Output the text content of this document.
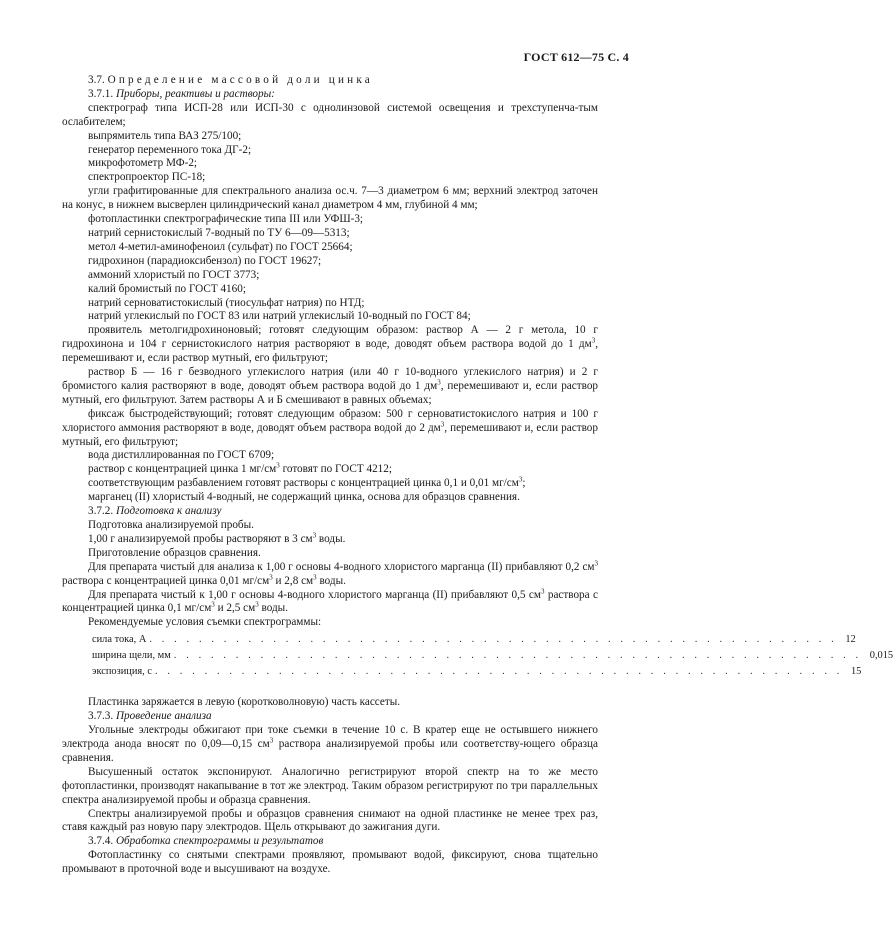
ГОСТ 612—75 С. 4

3.7. Определение массовой доли цинка

3.7.1. Приборы, реактивы и растворы:

спектрограф типа ИСП-28 или ИСП-30 с однолинзовой системой освещения и трехступенча-тым ослабителем;

выпрямитель типа ВАЗ 275/100;

генератор переменного тока ДГ-2;

микрофотометр МФ-2;

спектропроектор ПС-18;

угли графитированные для спектрального анализа ос.ч. 7—3 диаметром 6 мм; верхний электрод заточен на конус, в нижнем высверлен цилиндрический канал диаметром 4 мм, глубиной 4 мм;

фотопластинки спектрографические типа III или УФШ-3;

натрий сернистокислый 7-водный по ТУ 6—09—5313;

метол 4-метил-аминофеноил (сульфат) по ГОСТ 25664;

гидрохинон (парадиоксибензол) по ГОСТ 19627;

аммоний хлористый по ГОСТ 3773;

калий бромистый по ГОСТ 4160;

натрий серноватистокислый (тиосульфат натрия) по НТД;

натрий углекислый по ГОСТ 83 или натрий углекислый 10-водный по ГОСТ 84;

проявитель метолгидрохиноновый; готовят следующим образом: раствор А — 2 г метола, 10 г гидрохинона и 104 г сернистокислого натрия растворяют в воде, доводят объем раствора водой до 1 $дм^3$, перемешивают и, если раствор мутный, его фильтруют;

раствор Б — 16 г безводного углекислого натрия (или 40 г 10-водного углекислого натрия) и 2 г бромистого калия растворяют в воде, доводят объем раствора водой до 1 $дм^3$, перемешивают и, если раствор мутный, его фильтруют. Затем растворы А и Б смешивают в равных объемах;

фиксаж быстродействующий; готовят следующим образом: 500 г серноватистокислого натрия и 100 г хлористого аммония растворяют в воде, доводят объем раствора водой до 2 $дм^3$, перемешивают и, если раствор мутный, его фильтруют;

вода дистиллированная по ГОСТ 6709;

раствор с концентрацией цинка 1 $мг/см^3$ готовят по ГОСТ 4212;

соответствующим разбавлением готовят растворы с концентрацией цинка 0,1 и 0,01 $мг/см^3$;

марганец (II) хлористый 4-водный, не содержащий цинка, основа для образцов сравнения.

3.7.2. Подготовка к анализу

Подготовка анализируемой пробы.

1,00 г анализируемой пробы растворяют в 3 $см^3$ воды.

Приготовление образцов сравнения.

Для препарата чистый для анализа к 1,00 г основы 4-водного хлористого марганца (II) прибавляют 0,2 $см^3$ раствора с концентрацией цинка 0,01 $мг/см^3$ и 2,8 $см^3$ воды.

Для препарата чистый к 1,00 г основы 4-водного хлористого марганца (II) прибавляют 0,5 $см^3$ раствора с концентрацией цинка 0,1 $мг/см^3$ и 2,5 $см^3$ воды.

Рекомендуемые условия съемки спектрограммы:

сила тока, А . . . . . . . . . . . . . . . . . . . . . . . . . . . . . . . . . . . . . . . . . . . . . . . . . . . . . . . . 12
ширина щели, мм . . . . . . . . . . . . . . . . . . . . . . . . . . . . . . . . . . . . . . . . . . . . . . . . . . . . . . . . 0,015
экспозиция, с . . . . . . . . . . . . . . . . . . . . . . . . . . . . . . . . . . . . . . . . . . . . . . . . . . . . . . . . 15

Пластинка заряжается в левую (коротковолновую) часть кассеты.

3.7.3. Проведение анализа

Угольные электроды обжигают при токе съемки в течение 10 с. В кратер еще не остывшего нижнего электрода анода вносят по 0,09—0,15 $см^3$ раствора анализируемой пробы или соответству-ющего образца сравнения.

Высушенный остаток экспонируют. Аналогично регистрируют второй спектр на то же место фотопластинки, производят накапывание в тот же электрод. Таким образом регистрируют по три параллельных спектра анализируемой пробы и образца сравнения.

Спектры анализируемой пробы и образцов сравнения снимают на одной пластинке не менее трех раз, ставя каждый раз новую пару электродов. Щель открывают до зажигания дуги.

3.7.4. Обработка спектрограммы и результатов

Фотопластинку со снятыми спектрами проявляют, промывают водой, фиксируют, снова тщательно промывают в проточной воде и высушивают на воздухе.
